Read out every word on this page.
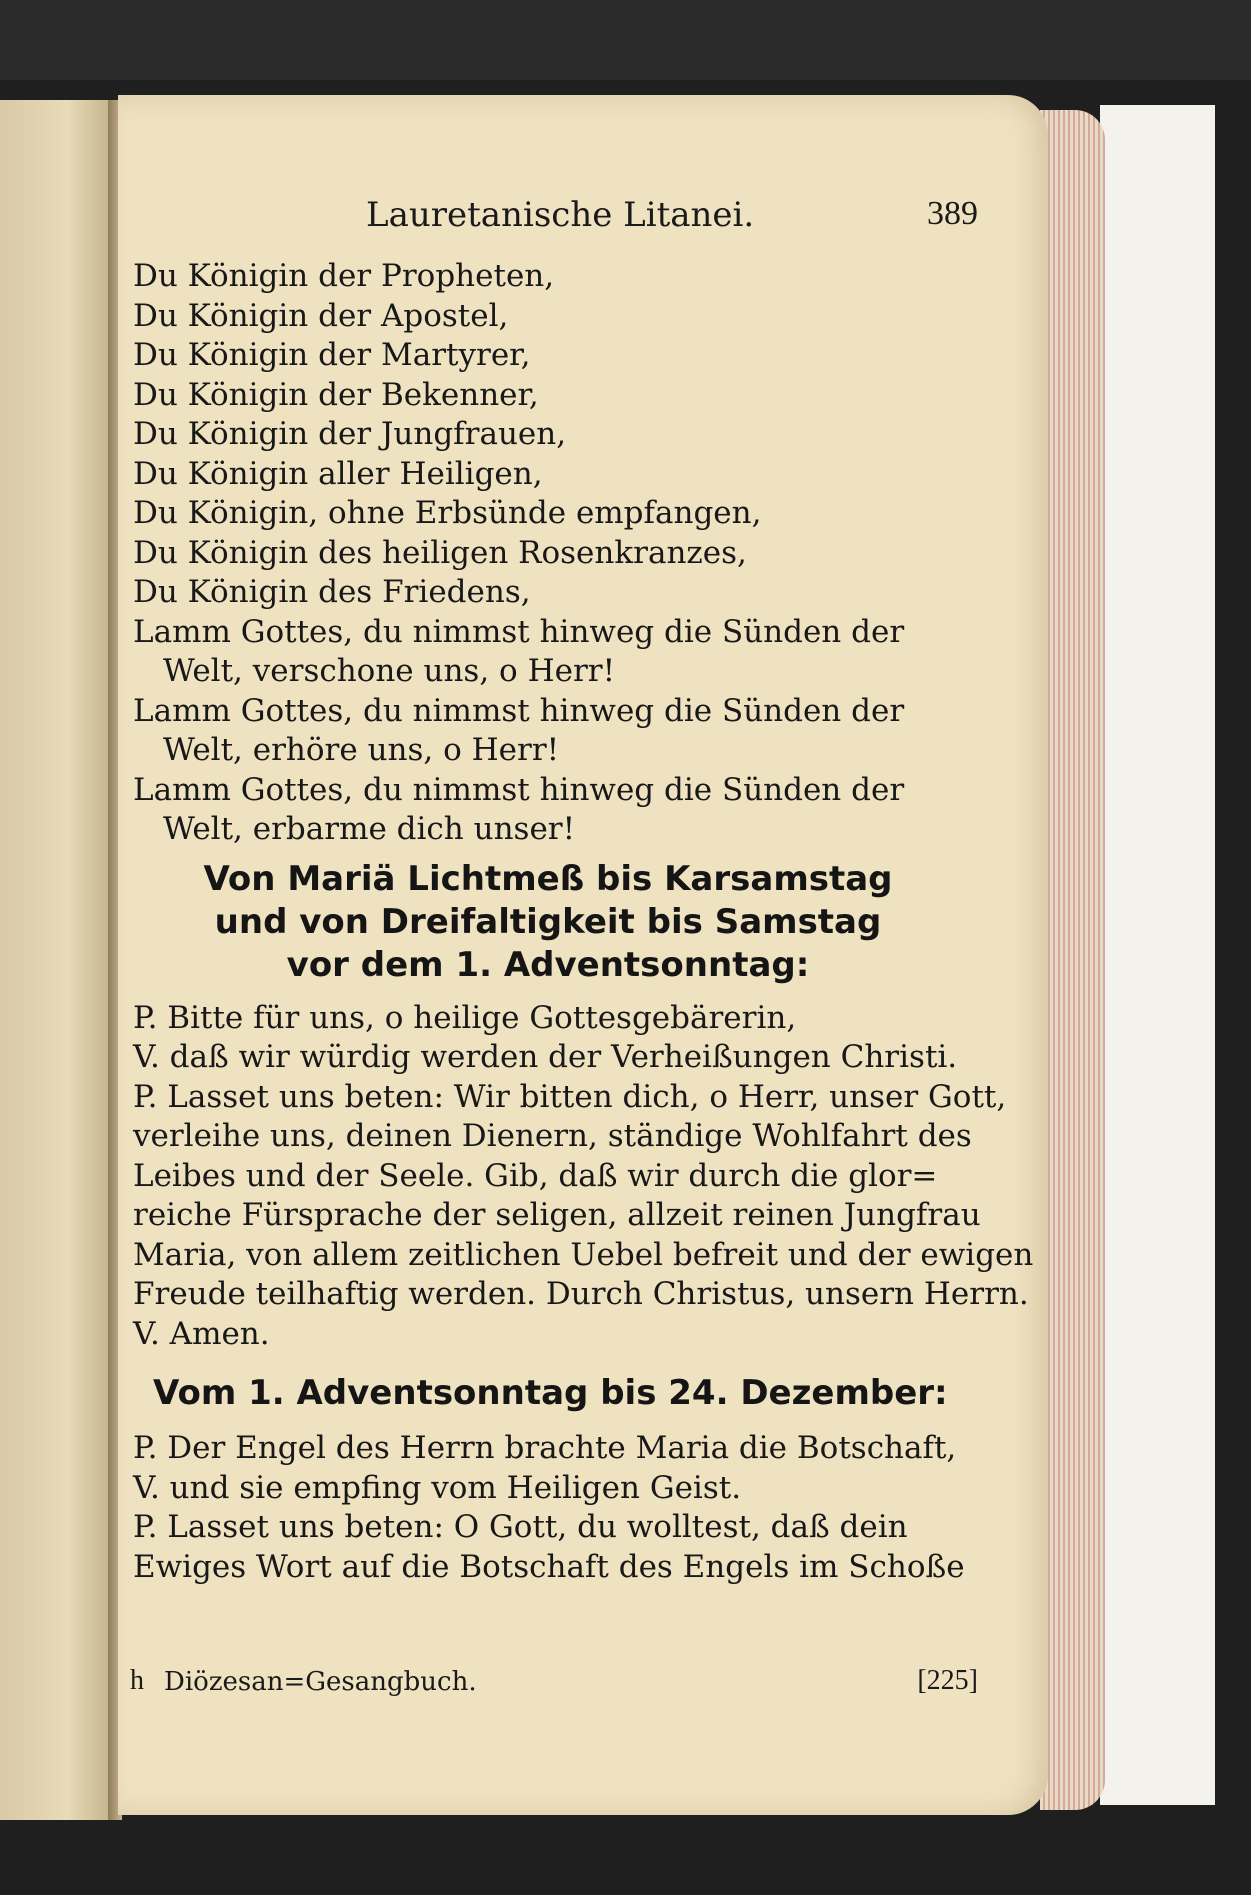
Lauretanische Litanei.	389
Du Königin der Propheten,
Du Königin der Apostel,
Du Königin der Martyrer,
Du Königin der Bekenner,
Du Königin der Jungfrauen,
Du Königin aller Heiligen,
Du Königin, ohne Erbsünde empfangen,
Du Königin des heiligen Rosenkranzes,
Du Königin des Friedens,
Lamm Gottes, du nimmst hinweg die Sünden der
Welt, verschone uns, o Herr!
Lamm Gottes, du nimmst hinweg die Sünden der
Welt, erhöre uns, o Herr!
Lamm Gottes, du nimmst hinweg die Sünden der
Welt, erbarme dich unser!
Von Mariä Lichtmeß bis Karsamstag
und von Dreifaltigkeit bis Samstag
vor dem 1. Adventsonntag:
P. Bitte für uns, o heilige Gottesgebärerin,
V. daß wir würdig werden der Verheißungen Christi.
P. Lasset uns beten: Wir bitten dich, o Herr, unser Gott,
verleihe uns, deinen Dienern, ständige Wohlfahrt des
Leibes und der Seele. Gib, daß wir durch die glor=
reiche Fürsprache der seligen, allzeit reinen Jungfrau
Maria, von allem zeitlichen Uebel befreit und der ewigen
Freude teilhaftig werden. Durch Christus, unsern Herrn.
V. Amen.
Vom 1. Adventsonntag bis 24. Dezember:
P. Der Engel des Herrn brachte Maria die Botschaft,
V. und sie empfing vom Heiligen Geist.
P. Lasset uns beten: O Gott, du wolltest, daß dein
Ewiges Wort auf die Botschaft des Engels im Schoße
h Diözesan=Gesangbuch.	[225]
